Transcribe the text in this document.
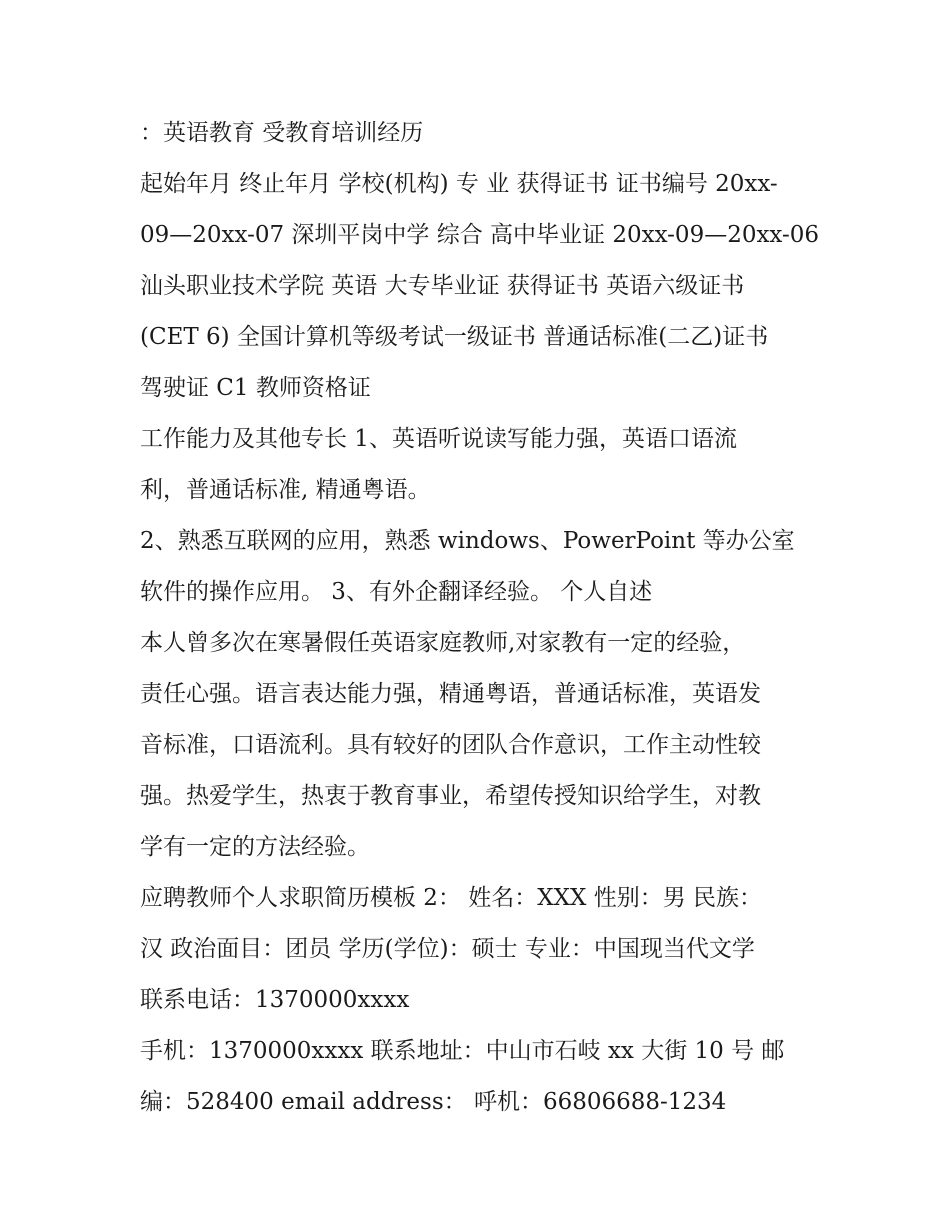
：英语教育 受教育培训经历
起始年月 终止年月 学校(机构) 专 业 获得证书 证书编号 20xx-
09—20xx-07 深圳平岗中学 综合 高中毕业证 20xx-09—20xx-06
汕头职业技术学院 英语 大专毕业证 获得证书 英语六级证书
(CET 6) 全国计算机等级考试一级证书 普通话标准(二乙)证书
驾驶证 C1 教师资格证
工作能力及其他专长 1、英语听说读写能力强，英语口语流
利，普通话标准, 精通粤语。
2、熟悉互联网的应用，熟悉 windows、PowerPoint 等办公室
软件的操作应用。 3、有外企翻译经验。 个人自述
本人曾多次在寒暑假任英语家庭教师,对家教有一定的经验，
责任心强。语言表达能力强，精通粤语，普通话标准，英语发
音标准，口语流利。具有较好的团队合作意识，工作主动性较
强。热爱学生，热衷于教育事业，希望传授知识给学生，对教
学有一定的方法经验。
应聘教师个人求职简历模板 2： 姓名：XXX 性别：男 民族：
汉 政治面目：团员 学历(学位)：硕士 专业：中国现当代文学
联系电话：1370000xxxx
手机：1370000xxxx 联系地址：中山市石岐 xx 大街 10 号 邮
编：528400 email address： 呼机：66806688-1234
